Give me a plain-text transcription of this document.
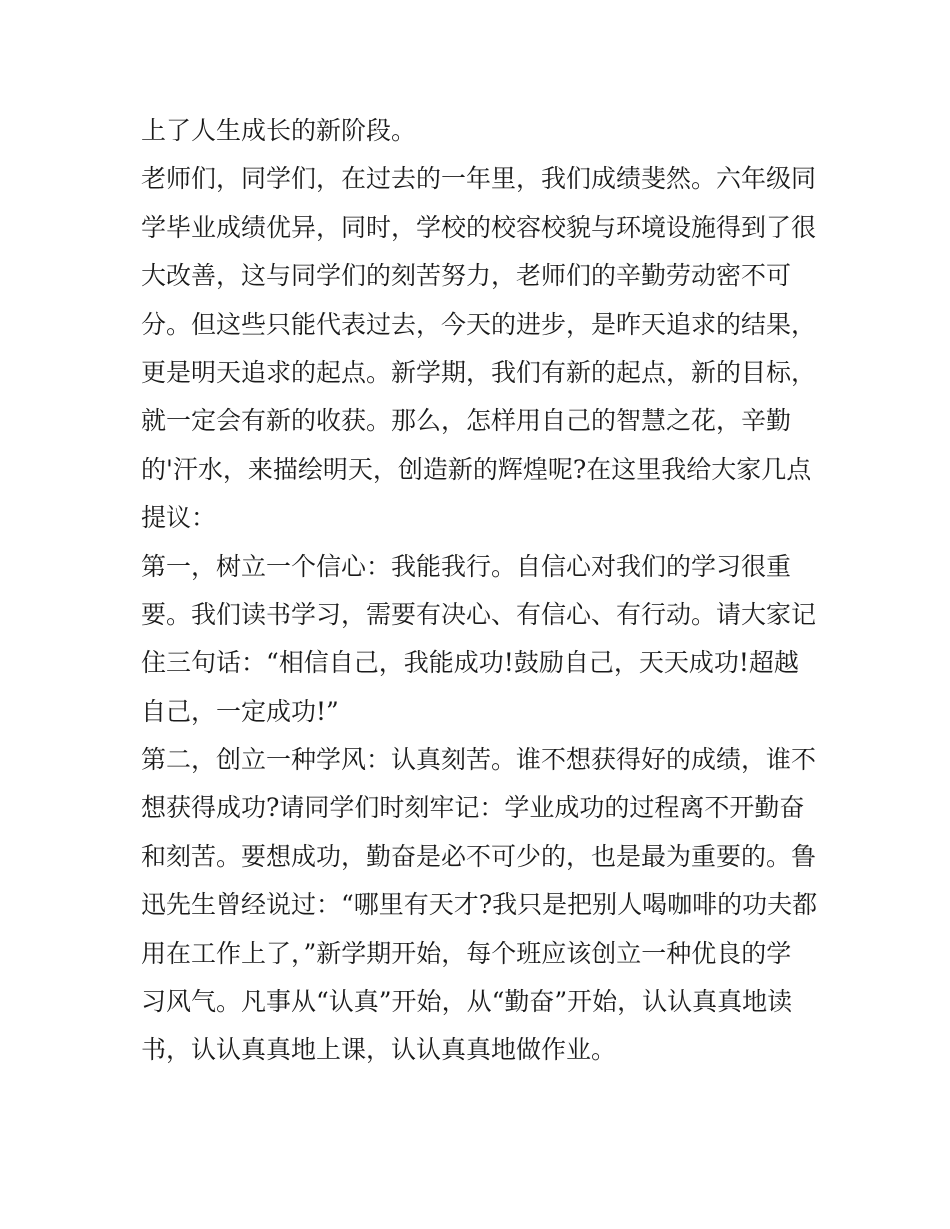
上了人生成长的新阶段。
老师们，同学们，在过去的一年里，我们成绩斐然。六年级同
学毕业成绩优异，同时，学校的校容校貌与环境设施得到了很
大改善，这与同学们的刻苦努力，老师们的辛勤劳动密不可
分。但这些只能代表过去，今天的进步，是昨天追求的结果，
更是明天追求的起点。新学期，我们有新的起点，新的目标，
就一定会有新的收获。那么，怎样用自己的智慧之花，辛勤
的'汗水，来描绘明天，创造新的辉煌呢?在这里我给大家几点
提议：
第一，树立一个信心：我能我行。自信心对我们的学习很重
要。我们读书学习，需要有决心、有信心、有行动。请大家记
住三句话：“相信自己，我能成功!鼓励自己，天天成功!超越
自己，一定成功!”
第二，创立一种学风：认真刻苦。谁不想获得好的成绩，谁不
想获得成功?请同学们时刻牢记：学业成功的过程离不开勤奋
和刻苦。要想成功，勤奋是必不可少的，也是最为重要的。鲁
迅先生曾经说过：“哪里有天才?我只是把别人喝咖啡的功夫都
用在工作上了，”新学期开始，每个班应该创立一种优良的学
习风气。凡事从“认真”开始，从“勤奋”开始，认认真真地读
书，认认真真地上课，认认真真地做作业。
